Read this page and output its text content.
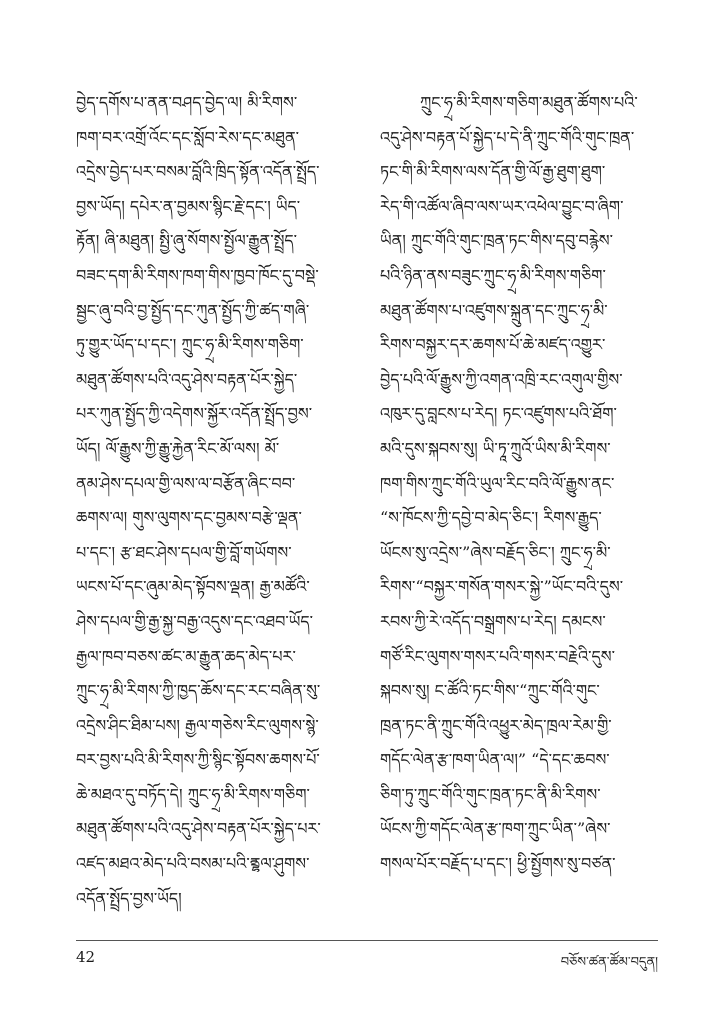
བྱེད་དགོས་པ་ནན་བཤད་བྱེད་ལ། མི་རིགས་
ཁག་བར་འགྲོ་འོང་དང་སློབ་རེས་དང་མཐུན་
འདྲེས་བྱེད་པར་བསམ་བློའི་ཁྲིད་སྟོན་འདོན་སྤྲོད་
བྱས་ཡོད། དཔེར་ན་བྱམས་སྙིང་རྗེ་དང་། ཡིད་
རྟོན། ཞི་མཐུན། སྤྱི་ཞུ་སོགས་སྤྱོལ་རྒྱུན་སྤྲོད་
བཟང་དག་མི་རིགས་ཁག་གིས་ཁྱབ་ཁོང་དུ་བསྡེ་
སྦྱང་ཞུ་བའི་བྱ་སྤྱོད་དང་ཀུན་སྤྱོད་ཀྱི་ཚད་གཞི་
ཏུ་གྱུར་ཡོད་པ་དང་། ཀྲུང་ཧྲྭ་མི་རིགས་གཅིག་
མཐུན་ཚོགས་པའི་འདུ་ཤེས་བརྟན་པོར་སྐྱེད་
པར་ཀུན་སྤྱོད་ཀྱི་འདེགས་སྐྱོར་འདོན་སྤྲོད་བྱས་
ཡོད། ལོ་རྒྱུས་ཀྱི་རྒྱུ་རྐྱེན་རིང་མོ་ལས། མོ་
ནམ་ཤེས་དཔལ་གྱི་ལས་ལ་བརྩོན་ཞིང་བབ་
ཆགས་ལ། གུས་ལུགས་དང་བྱམས་བརྩེ་ལྡན་
པ་དང་། རྩ་ཐང་ཤེས་དཔལ་གྱི་བློ་གཡོགས་
ཡངས་པོ་དང་ཞུམ་མེད་སྟོབས་ལྡན། རྒྱ་མཚོའི་
ཤེས་དཔལ་གྱི་རྒྱ་སྐྱ་བརྒྱ་འདུས་དང་འཐབ་ཡོད་
རྒྱལ་ཁབ་བཅས་ཚང་མ་རྒྱུན་ཆད་མེད་པར་
ཀྲུང་ཧྲྭ་མི་རིགས་ཀྱི་ཁྱད་ཆོས་དང་རང་བཞིན་སུ་
འདྲེས་ཤིང་ཐིམ་པས། རྒྱལ་གཅེས་རིང་ལུགས་སྙེ་
བར་བྱས་པའི་མི་རིགས་ཀྱི་སྙིང་སྟོབས་ཆགས་པོ་
ཆེ་མཐའ་དུ་བཏོད་དེ། ཀྲུང་ཧྲྭ་མི་རིགས་གཅིག་
མཐུན་ཚོགས་པའི་འདུ་ཤེས་བརྟན་པོར་སྐྱེད་པར་
འཛད་མཐའ་མེད་པའི་བསམ་པའི་ནྲྷལ་ཤུགས་
འདོན་སྤྲོད་བྱས་ཡོད།
ཀྲུང་ཧྲྭ་མི་རིགས་གཅིག་མཐུན་ཚོགས་པའི་
འདུ་ཤེས་བརྟན་པོ་སྐྱེད་པ་དེ་ནི་ཀྲུང་གོའི་གུང་ཁྲན་
ཏང་གི་མི་རིགས་ལས་དོན་གྱི་ལོ་རྒྱ་ཐུག་ཐུག་
རེད་གི་འཚོལ་ཞིབ་ལས་ཡར་འཕེལ་བྱུང་བ་ཞིག་
ཡིན། ཀྲུང་གོའི་གུང་ཁྲན་ཏང་གིས་དབུ་བརྙེས་
པའི་ཉིན་ནས་བཟུང་ཀྲུང་ཧྲྭ་མི་རིགས་གཅིག་
མཐུན་ཚོགས་པ་འཛུགས་སྐྲུན་དང་ཀྲུང་ཧྲྭ་མི་
རིགས་བསྐྱར་དར་ཆགས་པོ་ཆེ་མཛད་འགྱུར་
བྱེད་པའི་ལོ་རྒྱུས་ཀྱི་འགན་འཁྲི་རང་འགུལ་གྱིས་
འཁུར་དུ་བླངས་པ་རེད། ཏང་འཛུགས་པའི་ཐོག་
མའི་དུས་སྐབས་སུ། ཡི་ཏཱ་ཀྲུའོ་ཡིས་མི་རིགས་
ཁག་གིས་ཀྲུང་གོའི་ཡུལ་རིང་བའི་ལོ་རྒྱུས་ནང་
“ས་ཁོངས་ཀྱི་དབྱེ་བ་མེད་ཅིང་། རིགས་རྒྱུད་
ཡོངས་སུ་འདྲེས་”ཞེས་བརྗོད་ཅིང་། ཀྲུང་ཧྲྭ་མི་
རིགས་“བསྐྱར་གསོན་གསར་སྐྱེ་”ཡོང་བའི་དུས་
རབས་ཀྱི་རེ་འདོད་བསྒྲགས་པ་རེད། དམངས་
གཙོ་རིང་ལུགས་གསར་པའི་གསར་བརྗེའི་དུས་
སྐབས་སུ། ང་ཚོའི་ཏང་གིས་“ཀྲུང་གོའི་གུང་
ཁྲན་ཏང་ནི་ཀྲུང་གོའི་འཕྱུར་མེད་ཁྲལ་རེམ་གྱི་
གདོང་ལེན་རྩ་ཁག་ཡིན་ལ།” “དེ་དང་ཆབས་
ཅིག་ཏུ་ཀྲུང་གོའི་གུང་ཁྲན་ཏང་ནི་མི་རིགས་
ཡོངས་ཀྱི་གདོང་ལེན་རྩ་ཁག་ཀྲུང་ཡིན་”ཞེས་
གསལ་པོར་བརྗོད་པ་དང་། ཕྱི་སྤྱོགས་སུ་བཙན་
42	བཅོས་ཚན་ཚོམ་བདུན།
